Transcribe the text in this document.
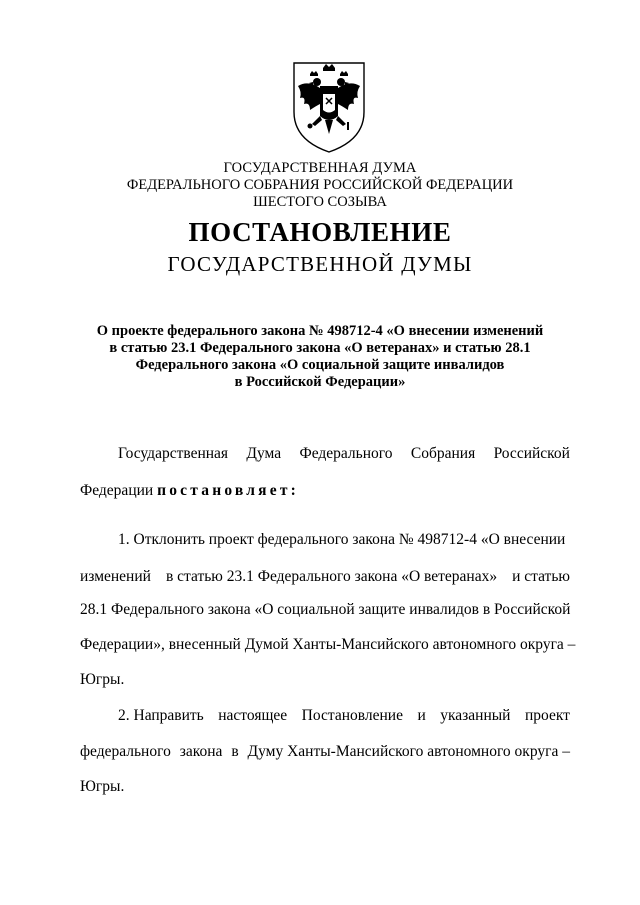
ГОСУДАРСТВЕННАЯ ДУМА
ФЕДЕРАЛЬНОГО СОБРАНИЯ РОССИЙСКОЙ ФЕДЕРАЦИИ
ШЕСТОГО СОЗЫВА
ПОСТАНОВЛЕНИЕ
ГОСУДАРСТВЕННОЙ ДУМЫ
О проекте федерального закона № 498712-4 «О внесении изменений
в статью 23.1 Федерального закона «О ветеранах» и статью 28.1
Федерального закона «О социальной защите инвалидов
в Российской Федерации»
Государственная Дума Федерального Собрания Российской
Федерации постановляет:
1. Отклонить проект федерального закона № 498712-4 «О внесении
изменений в статью 23.1 Федерального закона «О ветеранах» и статью
28.1 Федерального закона «О социальной защите инвалидов в Российской
Федерации», внесенный Думой Ханты-Мансийского автономного округа –
Югры.
2. Направить настоящее Постановление и указанный проект
федерального закона в Думу Ханты-Мансийского автономного округа –
Югры.
